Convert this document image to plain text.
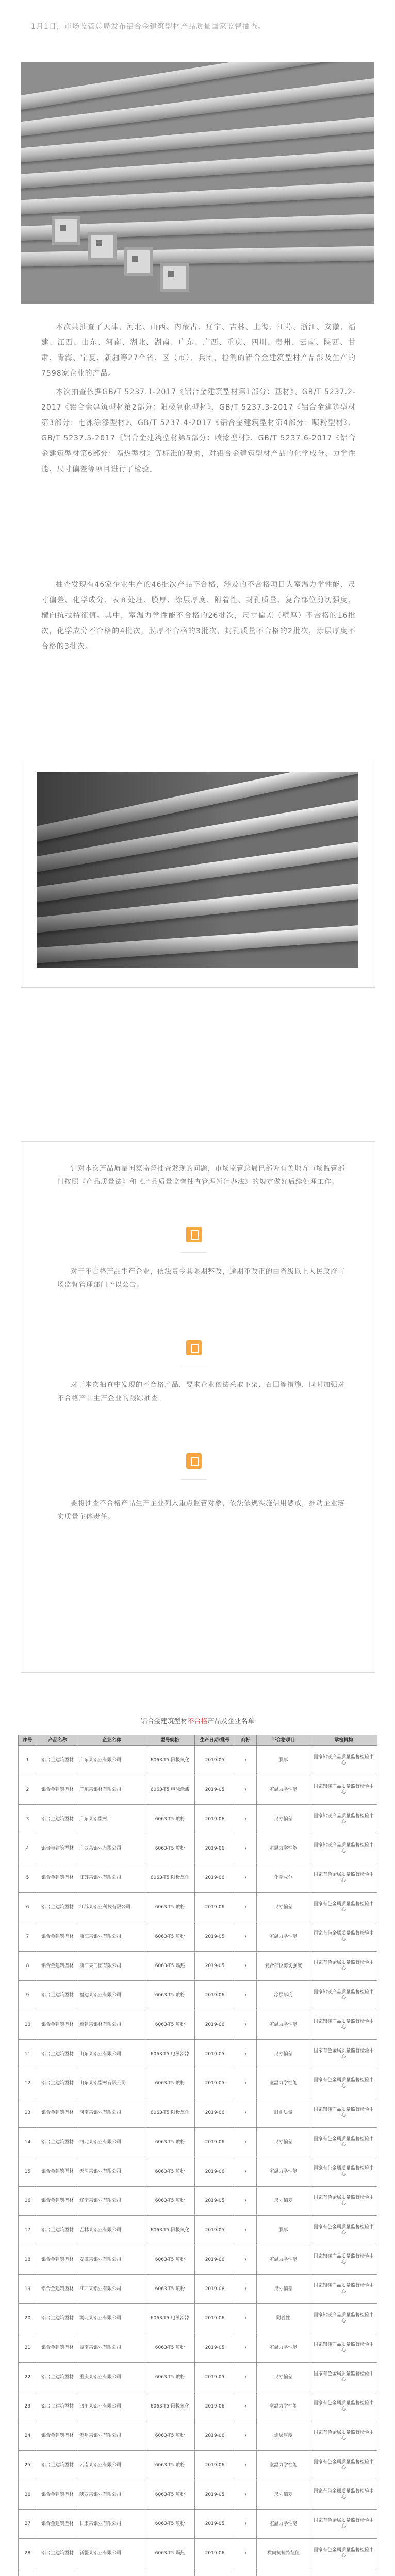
1月1日，市场监管总局发布铝合金建筑型材产品质量国家监督抽查。

本次共抽查了天津、河北、山西、内蒙古、辽宁、吉林、上海、江苏、浙江、安徽、福建、江西、山东、河南、湖北、湖南、广东、广西、重庆、四川、贵州、云南、陕西、甘肃、青海、宁夏、新疆等27个省、区（市）、兵团，检测的铝合金建筑型材产品涉及生产的7598家企业的产品。

本次抽查依据GB/T 5237.1-2017《铝合金建筑型材第1部分：基材》、GB/T 5237.2-2017《铝合金建筑型材第2部分：阳极氧化型材》、GB/T 5237.3-2017《铝合金建筑型材第3部分：电泳涂漆型材》、GB/T 5237.4-2017《铝合金建筑型材第4部分：喷粉型材》、GB/T 5237.5-2017《铝合金建筑型材第5部分：喷漆型材》、GB/T 5237.6-2017《铝合金建筑型材第6部分：隔热型材》等标准的要求，对铝合金建筑型材产品的化学成分、力学性能、尺寸偏差等项目进行了检验。

抽查发现有46家企业生产的46批次产品不合格，涉及的不合格项目为室温力学性能、尺寸偏差、化学成分、表面处理、膜厚、涂层厚度、附着性、封孔质量、复合部位剪切强度、横向抗拉特征值。其中，室温力学性能不合格的26批次，尺寸偏差（壁厚）不合格的16批次，化学成分不合格的4批次，膜厚不合格的3批次，封孔质量不合格的2批次，涂层厚度不合格的3批次。

针对本次产品质量国家监督抽查发现的问题，市场监管总局已部署有关地方市场监管部门按照《产品质量法》和《产品质量监督抽查管理暂行办法》的规定做好后续处理工作。

对于不合格产品生产企业，依法责令其限期整改，逾期不改正的由省级以上人民政府市场监督管理部门予以公告。

对于本次抽查中发现的不合格产品，要求企业依法采取下架、召回等措施，同时加强对不合格产品生产企业的跟踪抽查。

要将抽查不合格产品生产企业列入重点监管对象，依法依规实施信用惩戒，推动企业落实质量主体责任。

铝合金建筑型材不合格产品及企业名单
序号	产品名称	企业名称	型号规格	生产日期/批号	商标	不合格项目	承检机构
1	铝合金建筑型材	广东某铝业有限公司	6063-T5 阳极氧化	2019-05	/	膜厚	国家铝镁产品质量监督检验中心
2	铝合金建筑型材	广东某铝材有限公司	6063-T5 电泳涂漆	2019-05	/	室温力学性能	国家铝镁产品质量监督检验中心
3	铝合金建筑型材	广东某铝型材厂	6063-T5 喷粉	2019-06	/	尺寸偏差	国家铝镁产品质量监督检验中心
4	铝合金建筑型材	广西某铝业有限公司	6063-T5 喷粉	2019-06	/	室温力学性能	国家铝镁产品质量监督检验中心
5	铝合金建筑型材	江苏某铝业有限公司	6063-T5 阳极氧化	2019-06	/	化学成分	国家有色金属质量监督检验中心
6	铝合金建筑型材	江苏某铝业科技有限公司	6063-T5 喷粉	2019-06	/	尺寸偏差	国家有色金属质量监督检验中心
7	铝合金建筑型材	浙江某铝业有限公司	6063-T5 喷粉	2019-05	/	室温力学性能	国家有色金属质量监督检验中心
8	铝合金建筑型材	浙江某门窗有限公司	6063-T5 隔热	2019-05	/	复合部位剪切强度	国家有色金属质量监督检验中心
9	铝合金建筑型材	福建某铝业有限公司	6063-T5 喷粉	2019-06	/	涂层厚度	国家铝镁产品质量监督检验中心
10	铝合金建筑型材	福建某铝材有限公司	6063-T5 喷粉	2019-06	/	室温力学性能	国家铝镁产品质量监督检验中心
11	铝合金建筑型材	山东某铝业有限公司	6063-T5 电泳涂漆	2019-05	/	尺寸偏差	国家有色金属质量监督检验中心
12	铝合金建筑型材	山东某铝型材有限公司	6063-T5 喷粉	2019-05	/	室温力学性能	国家有色金属质量监督检验中心
13	铝合金建筑型材	河南某铝业有限公司	6063-T5 阳极氧化	2019-06	/	封孔质量	国家铝镁产品质量监督检验中心
14	铝合金建筑型材	河北某铝业有限公司	6063-T5 喷粉	2019-06	/	尺寸偏差	国家有色金属质量监督检验中心
15	铝合金建筑型材	天津某铝业有限公司	6063-T5 喷粉	2019-06	/	室温力学性能	国家有色金属质量监督检验中心
16	铝合金建筑型材	辽宁某铝业有限公司	6063-T5 喷粉	2019-05	/	尺寸偏差	国家有色金属质量监督检验中心
17	铝合金建筑型材	吉林某铝业有限公司	6063-T5 阳极氧化	2019-05	/	膜厚	国家有色金属质量监督检验中心
18	铝合金建筑型材	安徽某铝业有限公司	6063-T5 喷粉	2019-06	/	室温力学性能	国家铝镁产品质量监督检验中心
19	铝合金建筑型材	江西某铝业有限公司	6063-T5 喷粉	2019-06	/	尺寸偏差	国家铝镁产品质量监督检验中心
20	铝合金建筑型材	湖北某铝业有限公司	6063-T5 电泳涂漆	2019-06	/	附着性	国家铝镁产品质量监督检验中心
21	铝合金建筑型材	湖南某铝业有限公司	6063-T5 喷粉	2019-05	/	室温力学性能	国家铝镁产品质量监督检验中心
22	铝合金建筑型材	重庆某铝业有限公司	6063-T5 喷粉	2019-05	/	尺寸偏差	国家有色金属质量监督检验中心
23	铝合金建筑型材	四川某铝业有限公司	6063-T5 阳极氧化	2019-06	/	室温力学性能	国家有色金属质量监督检验中心
24	铝合金建筑型材	贵州某铝业有限公司	6063-T5 喷粉	2019-06	/	涂层厚度	国家有色金属质量监督检验中心
25	铝合金建筑型材	云南某铝业有限公司	6063-T5 喷粉	2019-06	/	室温力学性能	国家有色金属质量监督检验中心
26	铝合金建筑型材	陕西某铝业有限公司	6063-T5 喷粉	2019-05	/	尺寸偏差	国家有色金属质量监督检验中心
27	铝合金建筑型材	甘肃某铝业有限公司	6063-T5 喷粉	2019-05	/	室温力学性能	国家有色金属质量监督检验中心
28	铝合金建筑型材	新疆某铝业有限公司	6063-T5 隔热	2019-06	/	横向抗拉特征值	国家有色金属质量监督检验中心
